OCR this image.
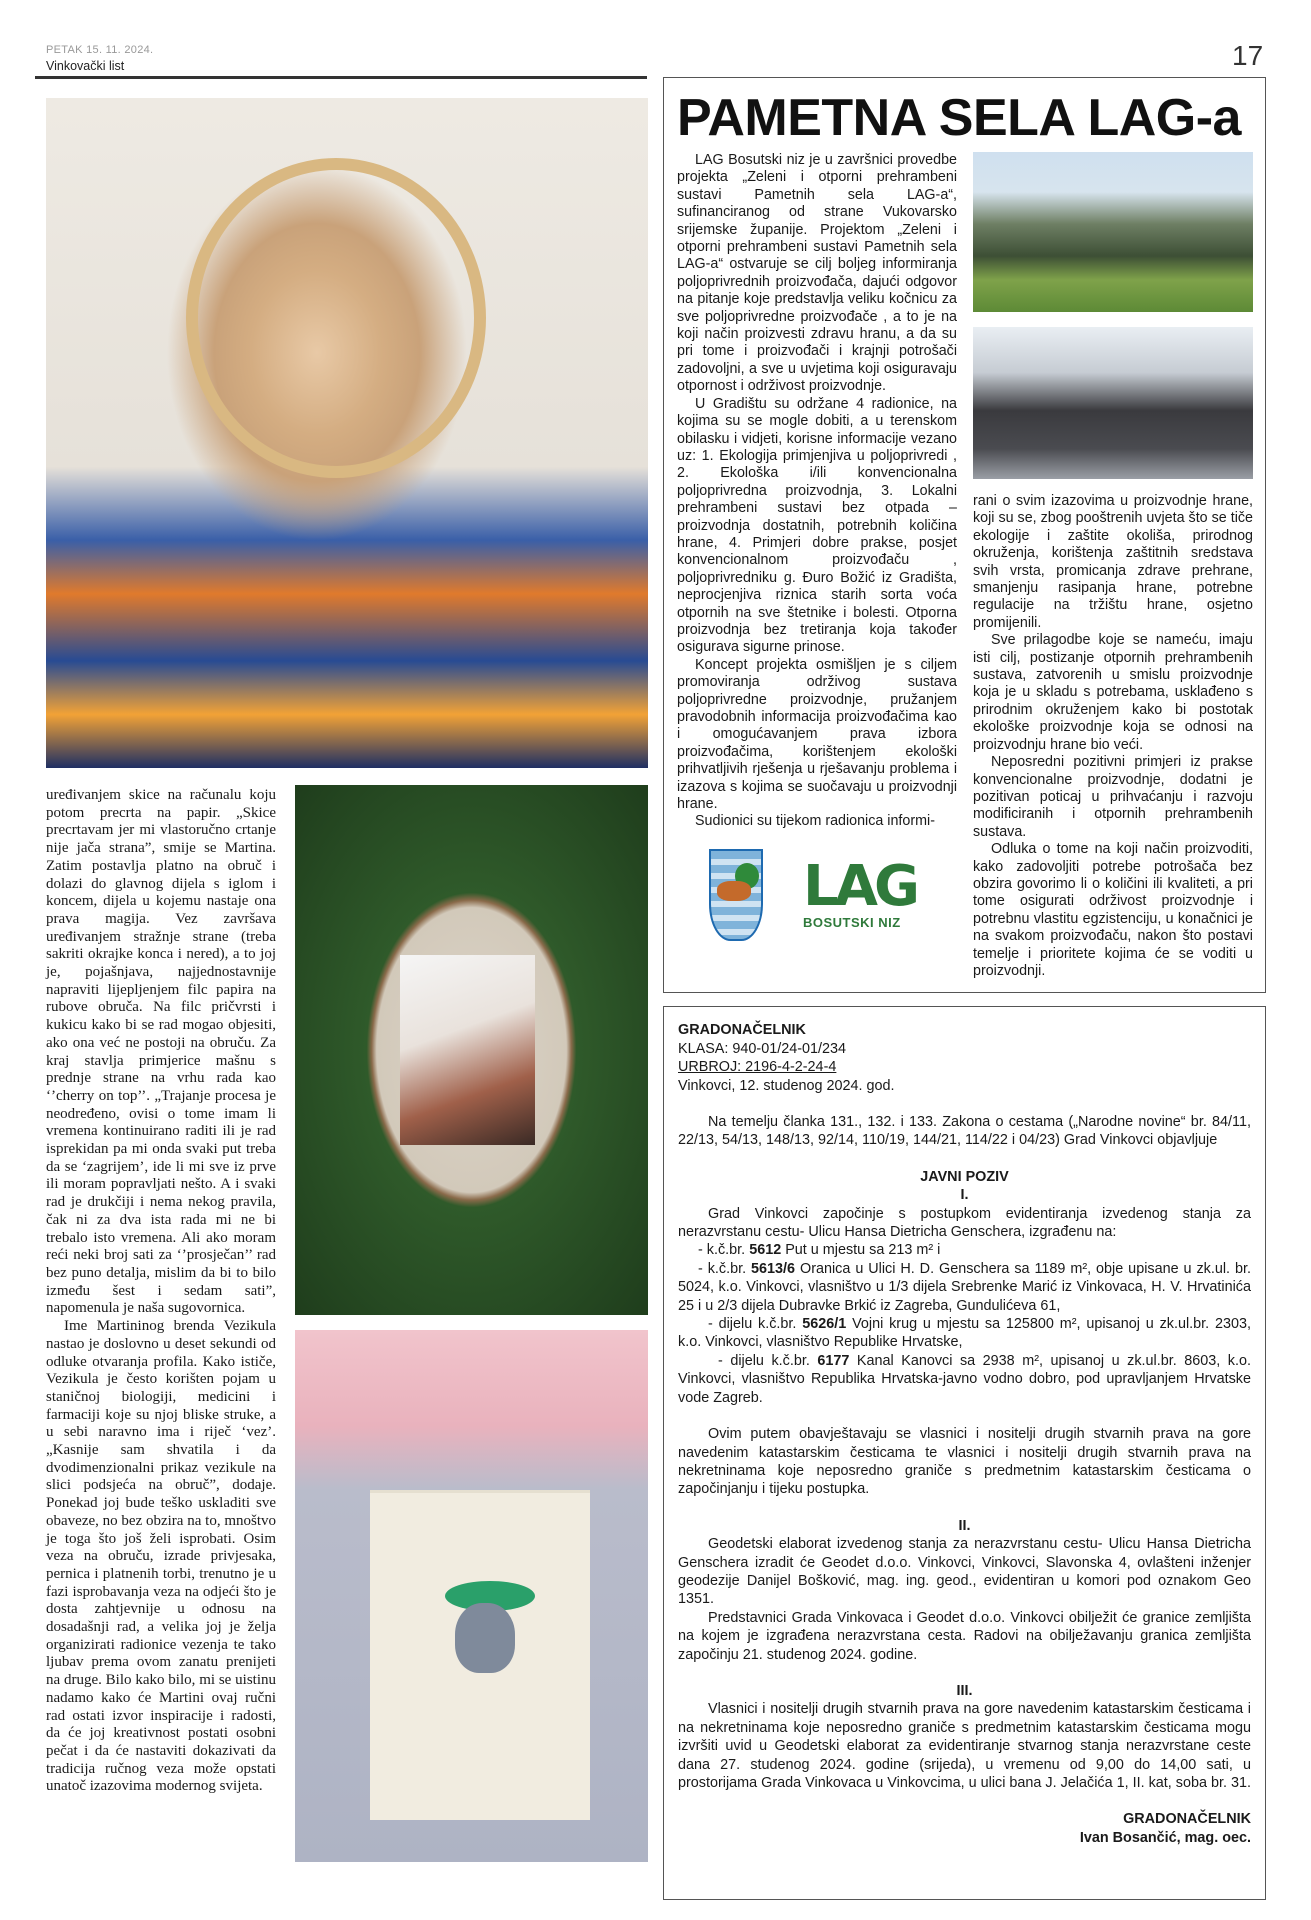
PETAK 15. 11. 2024.
Vinkovački list	17

uređivanjem skice na računalu koju potom precrta na papir. „Skice precrtavam jer mi vlastoručno crtanje nije jača strana”, smije se Martina. Zatim postavlja platno na obruč i dolazi do glavnog dijela s iglom i koncem, dijela u kojemu nastaje ona prava magija. Vez završava uređivanjem stražnje strane (treba sakriti okrajke konca i nered), a to joj je, pojašnjava, najjednostavnije napraviti lijepljenjem filc papira na rubove obruča. Na filc pričvrsti i kukicu kako bi se rad mogao objesiti, ako ona već ne postoji na obruču. Za kraj stavlja primjerice mašnu s prednje strane na vrhu rada kao ‘’cherry on top’’. „Trajanje procesa je neodređeno, ovisi o tome imam li vremena kontinuirano raditi ili je rad isprekidan pa mi onda svaki put treba da se ‘zagrijem’, ide li mi sve iz prve ili moram popravljati nešto. A i svaki rad je drukčiji i nema nekog pravila, čak ni za dva ista rada mi ne bi trebalo isto vremena. Ali ako moram reći neki broj sati za ‘’prosječan’’ rad bez puno detalja, mislim da bi to bilo između šest i sedam sati”, napomenula je naša sugovornica.

Ime Martininog brenda Vezikula nastao je doslovno u deset sekundi od odluke otvaranja profila. Kako ističe, Vezikula je često korišten pojam u staničnoj biologiji, medicini i farmaciji koje su njoj bliske struke, a u sebi naravno ima i riječ ‘vez’. „Kasnije sam shvatila i da dvodimenzionalni prikaz vezikule na slici podsjeća na obruč”, dodaje. Ponekad joj bude teško uskladiti sve obaveze, no bez obzira na to, mnoštvo je toga što još želi isprobati. Osim veza na obruču, izrade privjesaka, pernica i platnenih torbi, trenutno je u fazi isprobavanja veza na odjeći što je dosta zahtjevnije u odnosu na dosadašnji rad, a velika joj je želja organizirati radionice vezenja te tako ljubav prema ovom zanatu prenijeti na druge. Bilo kako bilo, mi se uistinu nadamo kako će Martini ovaj ručni rad ostati izvor inspiracije i radosti, da će joj kreativnost postati osobni pečat i da će nastaviti dokazivati da tradicija ručnog veza može opstati unatoč izazovima modernog svijeta.

PAMETNA SELA LAG-a

LAG Bosutski niz je u završnici provedbe projekta „Zeleni i otporni prehrambeni sustavi Pametnih sela LAG-a“, sufinanciranog od strane Vukovarsko srijemske županije. Projektom „Zeleni i otporni prehrambeni sustavi Pametnih sela LAG-a“ ostvaruje se cilj boljeg informiranja poljoprivrednih proizvođača, dajući odgovor na pitanje koje predstavlja veliku kočnicu za sve poljoprivredne proizvođače , a to je na koji način proizvesti zdravu hranu, a da su pri tome i proizvođači i krajnji potrošači zadovoljni, a sve u uvjetima koji osiguravaju otpornost i održivost proizvodnje.

U Gradištu su održane 4 radionice, na kojima su se mogle dobiti, a u terenskom obilasku i vidjeti, korisne informacije vezano uz: 1. Ekologija primjenjiva u poljoprivredi , 2. Ekološka i/ili konvencionalna poljoprivredna proizvodnja, 3. Lokalni prehrambeni sustavi bez otpada – proizvodnja dostatnih, potrebnih količina hrane, 4. Primjeri dobre prakse, posjet konvencionalnom proizvođaču , poljoprivredniku g. Đuro Božić iz Gradišta, neprocjenjiva riznica starih sorta voća otpornih na sve štetnike i bolesti. Otporna proizvodnja bez tretiranja koja također osigurava sigurne prinose.

Koncept projekta osmišljen je s ciljem promoviranja održivog sustava poljoprivredne proizvodnje, pružanjem pravodobnih informacija proizvođačima kao i omogućavanjem prava izbora proizvođačima, korištenjem ekološki prihvatljivih rješenja u rješavanju problema i izazova s kojima se suočavaju u proizvodnji hrane.

Sudionici su tijekom radionica informi-

LAG
BOSUTSKI NIZ

rani o svim izazovima u proizvodnje hrane, koji su se, zbog pooštrenih uvjeta što se tiče ekologije i zaštite okoliša, prirodnog okruženja, korištenja zaštitnih sredstava svih vrsta, promicanja zdrave prehrane, smanjenju rasipanja hrane, potrebne regulacije na tržištu hrane, osjetno promijenili.

Sve prilagodbe koje se nameću, imaju isti cilj, postizanje otpornih prehrambenih sustava, zatvorenih u smislu proizvodnje koja je u skladu s potrebama, usklađeno s prirodnim okruženjem kako bi postotak ekološke proizvodnje koja se odnosi na proizvodnju hrane bio veći.

Neposredni pozitivni primjeri iz prakse konvencionalne proizvodnje, dodatni je pozitivan poticaj u prihvaćanju i razvoju modificiranih i otpornih prehrambenih sustava.

Odluka o tome na koji način proizvoditi, kako zadovoljiti potrebe potrošača bez obzira govorimo li o količini ili kvaliteti, a pri tome osigurati održivost proizvodnje i potrebnu vlastitu egzistenciju, u konačnici je na svakom proizvođaču, nakon što postavi temelje i prioritete kojima će se voditi u proizvodnji.

GRADONAČELNIK
KLASA: 940-01/24-01/234
URBROJ: 2196-4-2-24-4
Vinkovci, 12. studenog 2024. god.

Na temelju članka 131., 132. i 133. Zakona o cestama („Narodne novine“ br. 84/11, 22/13, 54/13, 148/13, 92/14, 110/19, 144/21, 114/22 i 04/23) Grad Vinkovci objavljuje

JAVNI POZIV
I.

Grad Vinkovci započinje s postupkom evidentiranja izvedenog stanja za nerazvrstanu cestu- Ulicu Hansa Dietricha Genschera, izgrađenu na:

- k.č.br. 5612 Put u mjestu sa 213 m² i

- k.č.br. 5613/6 Oranica u Ulici H. D. Genschera sa 1189 m², obje upisane u zk.ul. br. 5024, k.o. Vinkovci, vlasništvo u 1/3 dijela Srebrenke Marić iz Vinkovaca, H. V. Hrvatinića 25 i u 2/3 dijela Dubravke Brkić iz Zagreba, Gundulićeva 61,

- dijelu k.č.br. 5626/1 Vojni krug u mjestu sa 125800 m², upisanoj u zk.ul.br. 2303, k.o. Vinkovci, vlasništvo Republike Hrvatske,

- dijelu k.č.br. 6177 Kanal Kanovci sa 2938 m², upisanoj u zk.ul.br. 8603, k.o. Vinkovci, vlasništvo Republika Hrvatska-javno vodno dobro, pod upravljanjem Hrvatske vode Zagreb.

Ovim putem obavještavaju se vlasnici i nositelji drugih stvarnih prava na gore navedenim katastarskim česticama te vlasnici i nositelji drugih stvarnih prava na nekretninama koje neposredno graniče s predmetnim katastarskim česticama o započinjanju i tijeku postupka.

II.

Geodetski elaborat izvedenog stanja za nerazvrstanu cestu- Ulicu Hansa Dietricha Genschera izradit će Geodet d.o.o. Vinkovci, Vinkovci, Slavonska 4, ovlašteni inženjer geodezije Danijel Bošković, mag. ing. geod., evidentiran u komori pod oznakom Geo 1351.

Predstavnici Grada Vinkovaca i Geodet d.o.o. Vinkovci obilježit će granice zemljišta na kojem je izgrađena nerazvrstana cesta. Radovi na obilježavanju granica zemljišta započinju 21. studenog 2024. godine.

III.

Vlasnici i nositelji drugih stvarnih prava na gore navedenim katastarskim česticama i na nekretninama koje neposredno graniče s predmetnim katastarskim česticama mogu izvršiti uvid u Geodetski elaborat za evidentiranje stvarnog stanja nerazvrstane ceste dana 27. studenog 2024. godine (srijeda), u vremenu od 9,00 do 14,00 sati, u prostorijama Grada Vinkovaca u Vinkovcima, u ulici bana J. Jelačića 1, II. kat, soba br. 31.

GRADONAČELNIK
Ivan Bosančić, mag. oec.
